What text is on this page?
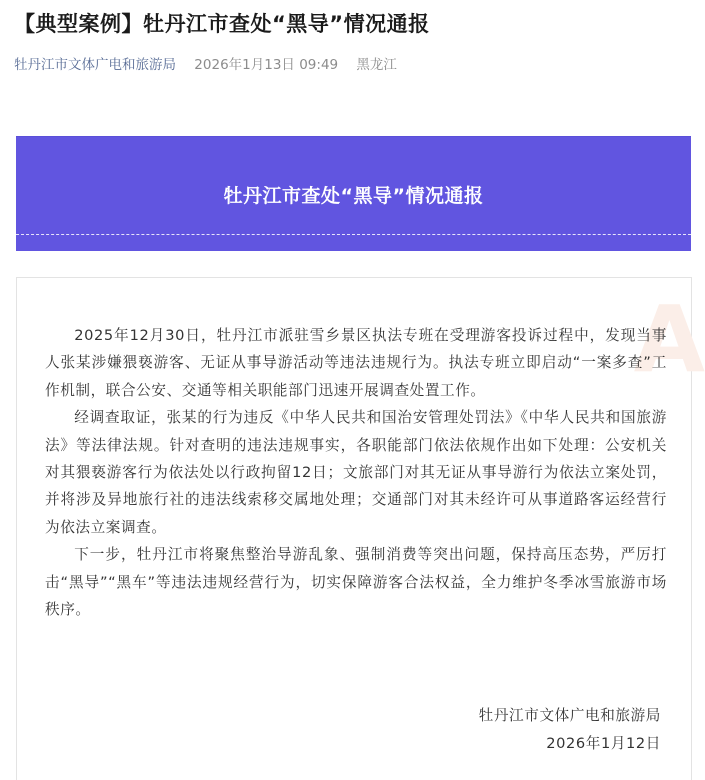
【典型案例】牡丹江市查处“黑导”情况通报
牡丹江市文体广电和旅游局 2026年1月13日 09:49 黑龙江
牡丹江市查处“黑导”情况通报
A

2025年12月30日，牡丹江市派驻雪乡景区执法专班在受理游客投诉过程中，发现当事人张某涉嫌猥亵游客、无证从事导游活动等违法违规行为。执法专班立即启动“一案多查”工作机制，联合公安、交通等相关职能部门迅速开展调查处置工作。

经调查取证，张某的行为违反《中华人民共和国治安管理处罚法》《中华人民共和国旅游法》等法律法规。针对查明的违法违规事实，各职能部门依法依规作出如下处理：公安机关对其猥亵游客行为依法处以行政拘留12日；文旅部门对其无证从事导游行为依法立案处罚，并将涉及异地旅行社的违法线索移交属地处理；交通部门对其未经许可从事道路客运经营行为依法立案调查。

下一步，牡丹江市将聚焦整治导游乱象、强制消费等突出问题，保持高压态势，严厉打击“黑导”“黑车”等违法违规经营行为，切实保障游客合法权益，全力维护冬季冰雪旅游市场秩序。

牡丹江市文体广电和旅游局
2026年1月12日
